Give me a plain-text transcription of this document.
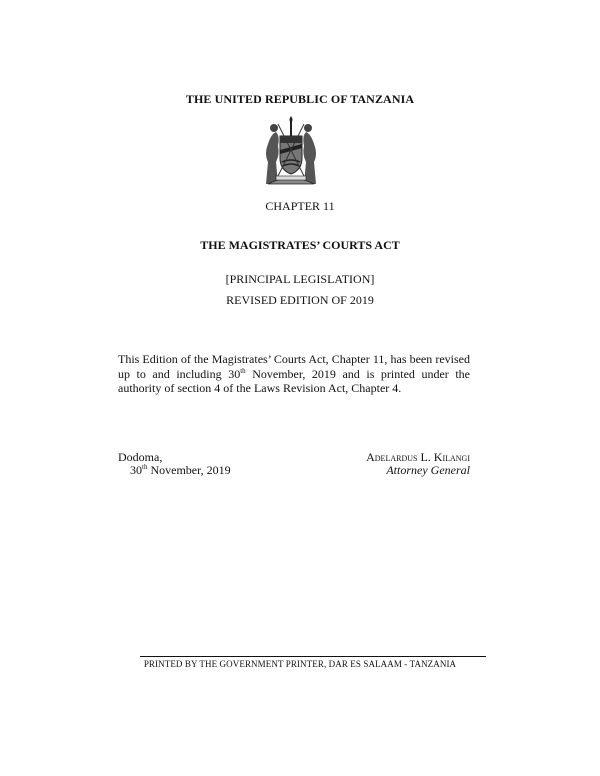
THE UNITED REPUBLIC OF TANZANIA
CHAPTER 11
THE MAGISTRATES’ COURTS ACT
[PRINCIPAL LEGISLATION]
REVISED EDITION OF 2019
This Edition of the Magistrates’ Courts Act, Chapter 11, has been revised up to and including 30th November, 2019 and is printed under the authority of section 4 of the Laws Revision Act, Chapter 4.
Dodoma,
30th November, 2019
Adelardus L. Kilangi
Attorney General
PRINTED BY THE GOVERNMENT PRINTER, DAR ES SALAAM - TANZANIA
